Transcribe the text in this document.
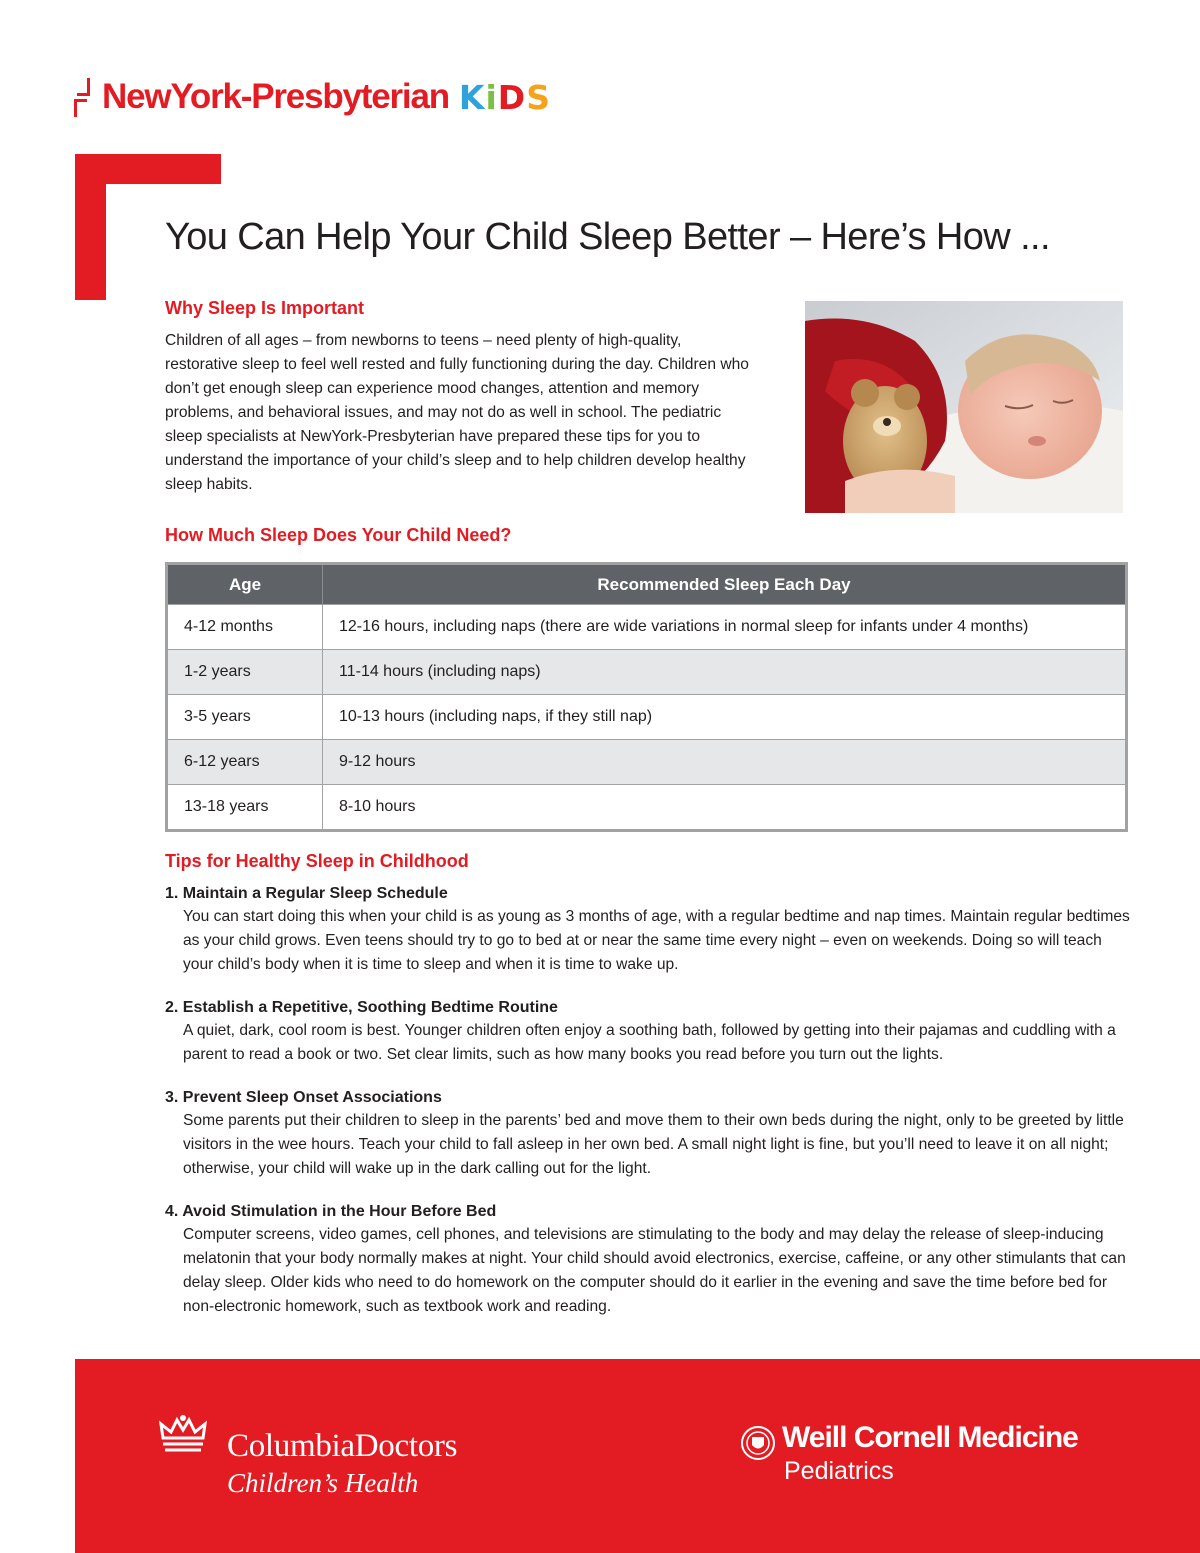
NewYork-Presbyterian KiDS
You Can Help Your Child Sleep Better – Here’s How ...
Why Sleep Is Important

Children of all ages – from newborns to teens – need plenty of high-quality, restorative sleep to feel well rested and fully functioning during the day. Children who don’t get enough sleep can experience mood changes, attention and memory problems, and behavioral issues, and may not do as well in school. The pediatric sleep specialists at NewYork-Presbyterian have prepared these tips for you to understand the importance of your child’s sleep and to help children develop healthy sleep habits.

How Much Sleep Does Your Child Need?
Age	Recommended Sleep Each Day
4-12 months	12-16 hours, including naps (there are wide variations in normal sleep for infants under 4 months)
1-2 years	11-14 hours (including naps)
3-5 years	10-13 hours (including naps, if they still nap)
6-12 years	9-12 hours
13-18 years	8-10 hours
Tips for Healthy Sleep in Childhood
1. Maintain a Regular Sleep Schedule
You can start doing this when your child is as young as 3 months of age, with a regular bedtime and nap times. Maintain regular bedtimes as your child grows. Even teens should try to go to bed at or near the same time every night – even on weekends. Doing so will teach your child’s body when it is time to sleep and when it is time to wake up.
2. Establish a Repetitive, Soothing Bedtime Routine
A quiet, dark, cool room is best. Younger children often enjoy a soothing bath, followed by getting into their pajamas and cuddling with a parent to read a book or two. Set clear limits, such as how many books you read before you turn out the lights.
3. Prevent Sleep Onset Associations
Some parents put their children to sleep in the parents’ bed and move them to their own beds during the night, only to be greeted by little visitors in the wee hours. Teach your child to fall asleep in her own bed. A small night light is fine, but you’ll need to leave it on all night; otherwise, your child will wake up in the dark calling out for the light.
4. Avoid Stimulation in the Hour Before Bed
Computer screens, video games, cell phones, and televisions are stimulating to the body and may delay the release of sleep-inducing melatonin that your body normally makes at night. Your child should avoid electronics, exercise, caffeine, or any other stimulants that can delay sleep. Older kids who need to do homework on the computer should do it earlier in the evening and save the time before bed for non-electronic homework, such as textbook work and reading.
ColumbiaDoctors
Children’s Health
Weill Cornell Medicine
Pediatrics
